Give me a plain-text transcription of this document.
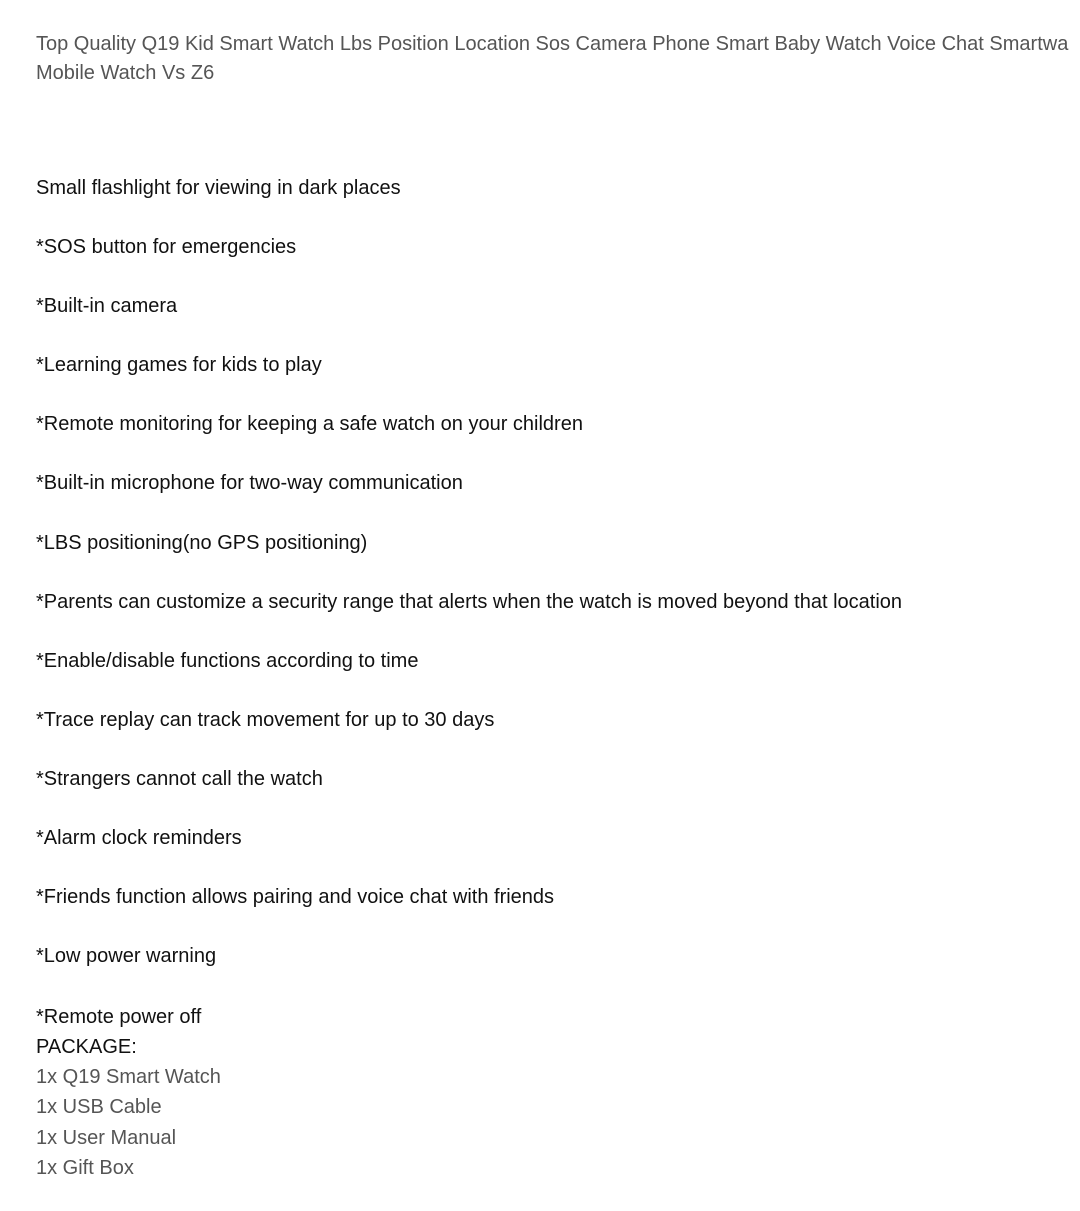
Top Quality Q19 Kid Smart Watch Lbs Position Location Sos Camera Phone Smart Baby Watch Voice Chat Smartwa
Mobile Watch Vs Z6
Small flashlight for viewing in dark places
*SOS button for emergencies
*Built-in camera
*Learning games for kids to play
*Remote monitoring for keeping a safe watch on your children
*Built-in microphone for two-way communication
*LBS positioning(no GPS positioning)
*Parents can customize a security range that alerts when the watch is moved beyond that location
*Enable/disable functions according to time
*Trace replay can track movement for up to 30 days
*Strangers cannot call the watch
*Alarm clock reminders
*Friends function allows pairing and voice chat with friends
*Low power warning

*Remote power off

PACKAGE:

1x Q19 Smart Watch
1x USB Cable
1x User Manual
1x Gift Box
